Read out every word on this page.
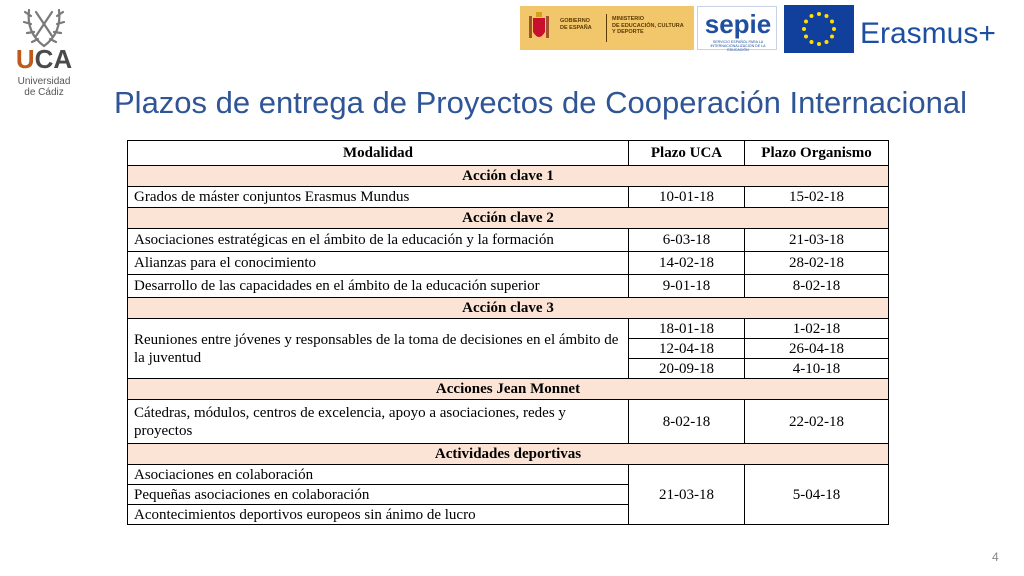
UCA
Universidad
de Cádiz
GOBIERNO
DE ESPAÑA
MINISTERIO
DE EDUCACIÓN, CULTURA
Y DEPORTE	sepie
SERVICIO ESPAÑOL PARA LA INTERNACIONALIZACIÓN DE LA EDUCACIÓN
Erasmus+
Plazos de entrega de Proyectos de Cooperación Internacional
Modalidad	Plazo UCA	Plazo Organismo
Acción clave 1		
Grados de máster conjuntos Erasmus Mundus	10-01-18	15-02-18
Acción clave 2		
Asociaciones estratégicas en el ámbito de la educación y la formación	6-03-18	21-03-18
Alianzas para el conocimiento	14-02-18	28-02-18
Desarrollo de las capacidades en el ámbito de la educación superior	9-01-18	8-02-18
Acción clave 3		
Reuniones entre jóvenes y responsables de la toma de decisiones en el ámbito de la juventud	18-01-18	1-02-18
	12-04-18	26-04-18
	20-09-18	4-10-18
Acciones Jean Monnet		
Cátedras, módulos, centros de excelencia, apoyo a asociaciones, redes y proyectos	8-02-18	22-02-18
Actividades deportivas		
Asociaciones en colaboración	21-03-18	5-04-18
Pequeñas asociaciones en colaboración		
Acontecimientos deportivos europeos sin ánimo de lucro		
4
